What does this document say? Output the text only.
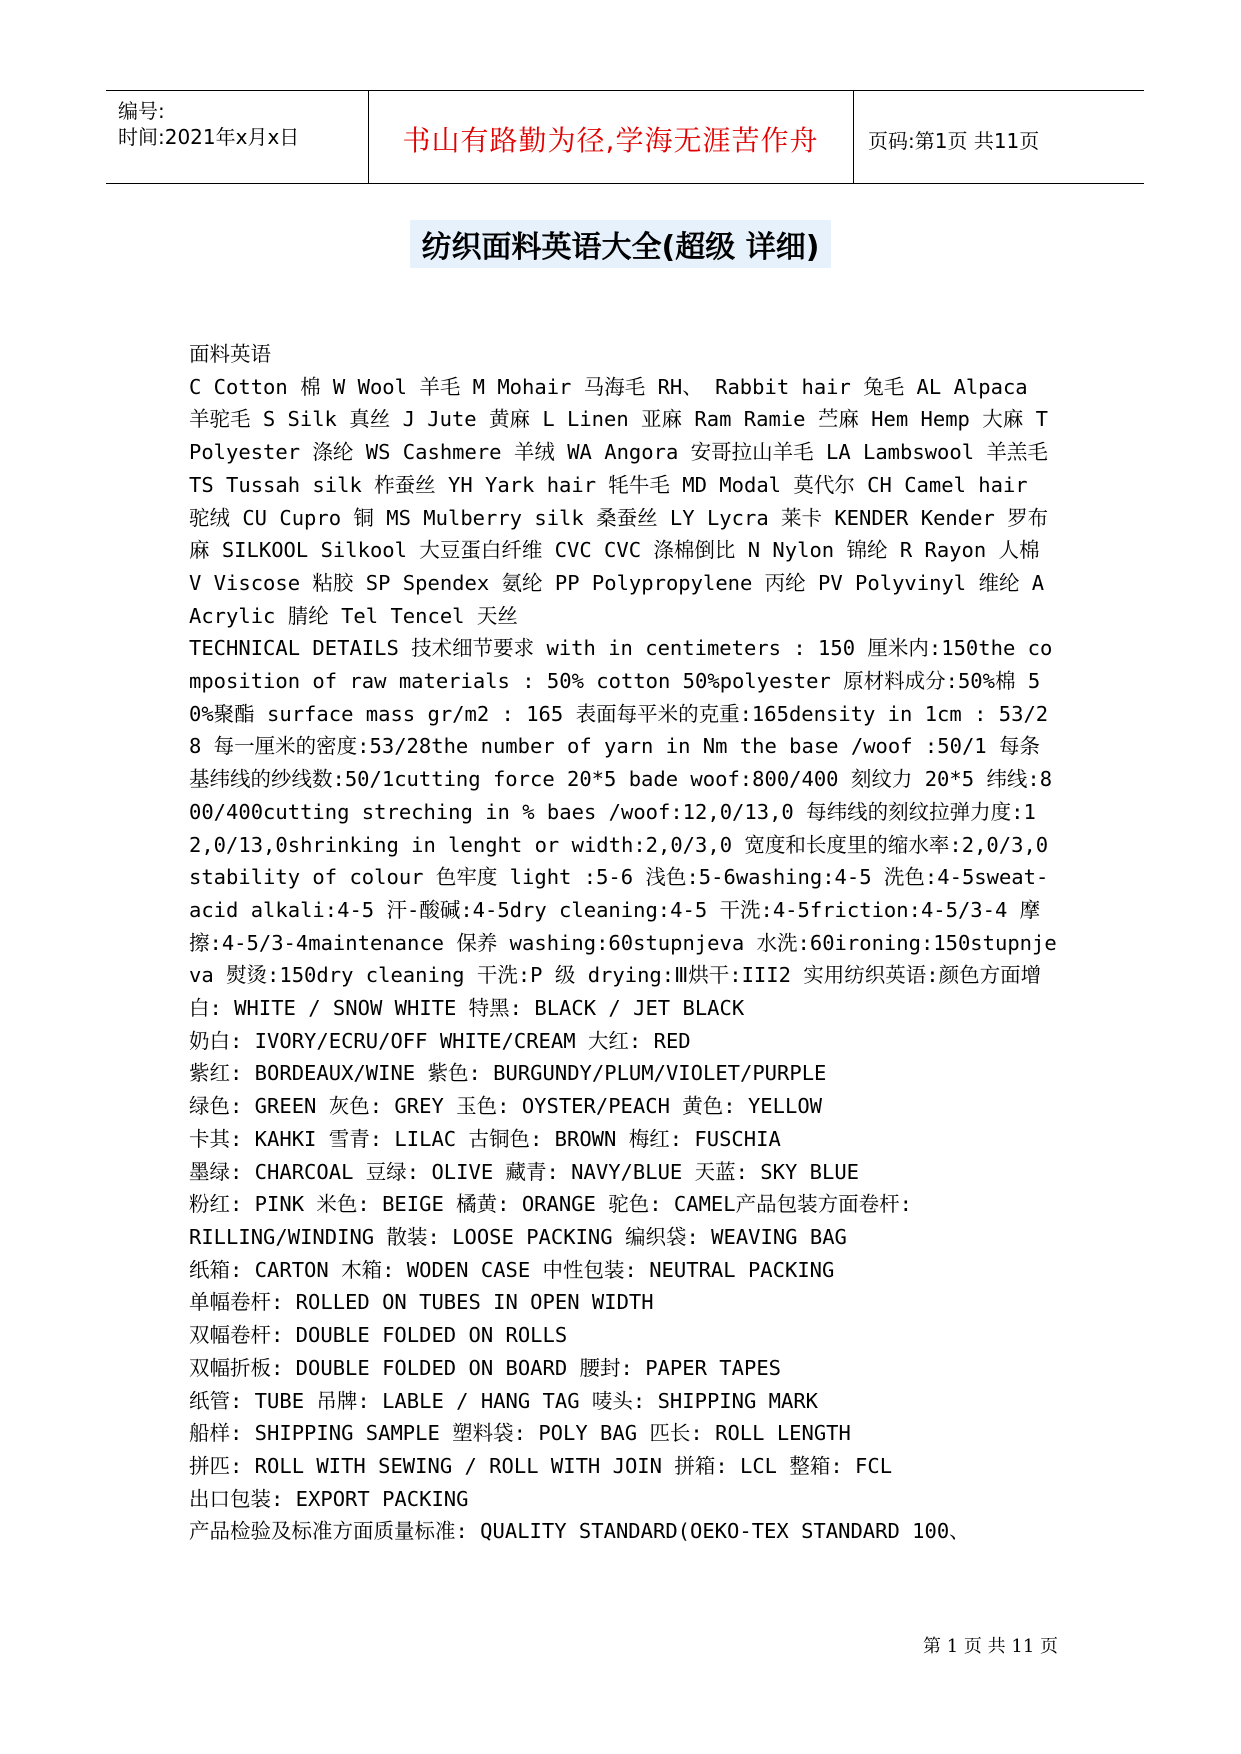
编号:
时间:2021年x月x日	书山有路勤为径,学海无涯苦作舟	页码:第1页 共11页
纺织面料英语大全(超级 详细)

面料英语

C Cotton 棉 W Wool 羊毛 M Mohair 马海毛 RH、 Rabbit hair 兔毛 AL Alpaca 羊驼毛 S Silk 真丝 J Jute 黄麻 L Linen 亚麻 Ram Ramie 苎麻 Hem Hemp 大麻 T Polyester 涤纶 WS Cashmere 羊绒 WA Angora 安哥拉山羊毛 LA Lambswool 羊羔毛 TS Tussah silk 柞蚕丝 YH Yark hair 牦牛毛 MD Modal 莫代尔 CH Camel hair 驼绒 CU Cupro 铜 MS Mulberry silk 桑蚕丝 LY Lycra 莱卡 KENDER Kender 罗布麻 SILKOOL Silkool 大豆蛋白纤维 CVC CVC 涤棉倒比 N Nylon 锦纶 R Rayon 人棉 V Viscose 粘胶 SP Spendex 氨纶 PP Polypropylene 丙纶 PV Polyvinyl 维纶 A Acrylic 腈纶 Tel Tencel 天丝

TECHNICAL DETAILS 技术细节要求 with in centimeters : 150 厘米内:150the composition of raw materials : 50% cotton 50%polyester 原材料成分:50%棉 50%聚酯 surface mass gr/m2 : 165 表面每平米的克重:165density in 1cm : 53/28 每一厘米的密度:53/28the number of yarn in Nm the base /woof :50/1 每条基纬线的纱线数:50/1cutting force 20*5 bade woof:800/400 刻纹力 20*5 纬线:800/400cutting streching in % baes /woof:12,0/13,0 每纬线的刻纹拉弹力度:12,0/13,0shrinking in lenght or width:2,0/3,0 宽度和长度里的缩水率:2,0/3,0stability of colour 色牢度 light :5-6 浅色:5-6washing:4-5 洗色:4-5sweat- acid alkali:4-5 汗-酸碱:4-5dry cleaning:4-5 干洗:4-5friction:4-5/3-4 摩擦:4-5/3-4maintenance 保养 washing:60stupnjeva 水洗:60ironing:150stupnjeva 熨烫:150dry cleaning 干洗:P 级 drying:Ⅲ烘干:III2 实用纺织英语:颜色方面增白: WHITE / SNOW WHITE 特黑: BLACK / JET BLACK

奶白: IVORY/ECRU/OFF WHITE/CREAM 大红: RED

紫红: BORDEAUX/WINE 紫色: BURGUNDY/PLUM/VIOLET/PURPLE

绿色: GREEN 灰色: GREY 玉色: OYSTER/PEACH 黄色: YELLOW

卡其: KAHKI 雪青: LILAC 古铜色: BROWN 梅红: FUSCHIA

墨绿: CHARCOAL 豆绿: OLIVE 藏青: NAVY/BLUE 天蓝: SKY BLUE

粉红: PINK 米色: BEIGE 橘黄: ORANGE 驼色: CAMEL产品包装方面卷杆:

RILLING/WINDING 散装: LOOSE PACKING 编织袋: WEAVING BAG

纸箱: CARTON 木箱: WODEN CASE 中性包装: NEUTRAL PACKING

单幅卷杆: ROLLED ON TUBES IN OPEN WIDTH

双幅卷杆: DOUBLE FOLDED ON ROLLS

双幅折板: DOUBLE FOLDED ON BOARD 腰封: PAPER TAPES

纸管: TUBE 吊牌: LABLE / HANG TAG 唛头: SHIPPING MARK

船样: SHIPPING SAMPLE 塑料袋: POLY BAG 匹长: ROLL LENGTH

拼匹: ROLL WITH SEWING / ROLL WITH JOIN 拼箱: LCL 整箱: FCL

出口包装: EXPORT PACKING

产品检验及标准方面质量标准: QUALITY STANDARD(OEKO-TEX STANDARD 100、

第 1 页 共 11 页
